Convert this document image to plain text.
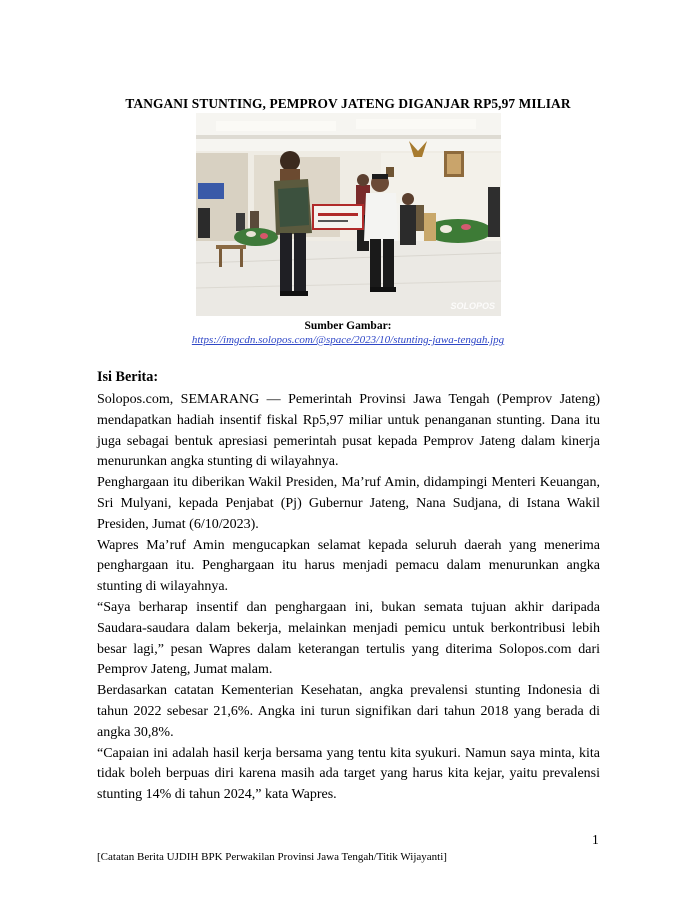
TANGANI STUNTING, PEMPROV JATENG DIGANJAR RP5,97 MILIAR
SOLOPOS
Sumber Gambar:
https://imgcdn.solopos.com/@space/2023/10/stunting-jawa-tengah.jpg
Isi Berita:

Solopos.com, SEMARANG — Pemerintah Provinsi Jawa Tengah (Pemprov Jateng) mendapatkan hadiah insentif fiskal Rp5,97 miliar untuk penanganan stunting. Dana itu juga sebagai bentuk apresiasi pemerintah pusat kepada Pemprov Jateng dalam kinerja menurunkan angka stunting di wilayahnya.

Penghargaan itu diberikan Wakil Presiden, Ma’ruf Amin, didampingi Menteri Keuangan, Sri Mulyani, kepada Penjabat (Pj) Gubernur Jateng, Nana Sudjana, di Istana Wakil Presiden, Jumat (6/10/2023).

Wapres Ma’ruf Amin mengucapkan selamat kepada seluruh daerah yang menerima penghargaan itu. Penghargaan itu harus menjadi pemacu dalam menurunkan angka stunting di wilayahnya.

“Saya berharap insentif dan penghargaan ini, bukan semata tujuan akhir daripada Saudara-saudara dalam bekerja, melainkan menjadi pemicu untuk berkontribusi lebih besar lagi,” pesan Wapres dalam keterangan tertulis yang diterima Solopos.com dari Pemprov Jateng, Jumat malam.

Berdasarkan catatan Kementerian Kesehatan, angka prevalensi stunting Indonesia di tahun 2022 sebesar 21,6%. Angka ini turun signifikan dari tahun 2018 yang berada di angka 30,8%.

“Capaian ini adalah hasil kerja bersama yang tentu kita syukuri. Namun saya minta, kita tidak boleh berpuas diri karena masih ada target yang harus kita kejar, yaitu prevalensi stunting 14% di tahun 2024,” kata Wapres.

1
[Catatan Berita UJDIH BPK Perwakilan Provinsi Jawa Tengah/Titik Wijayanti]
